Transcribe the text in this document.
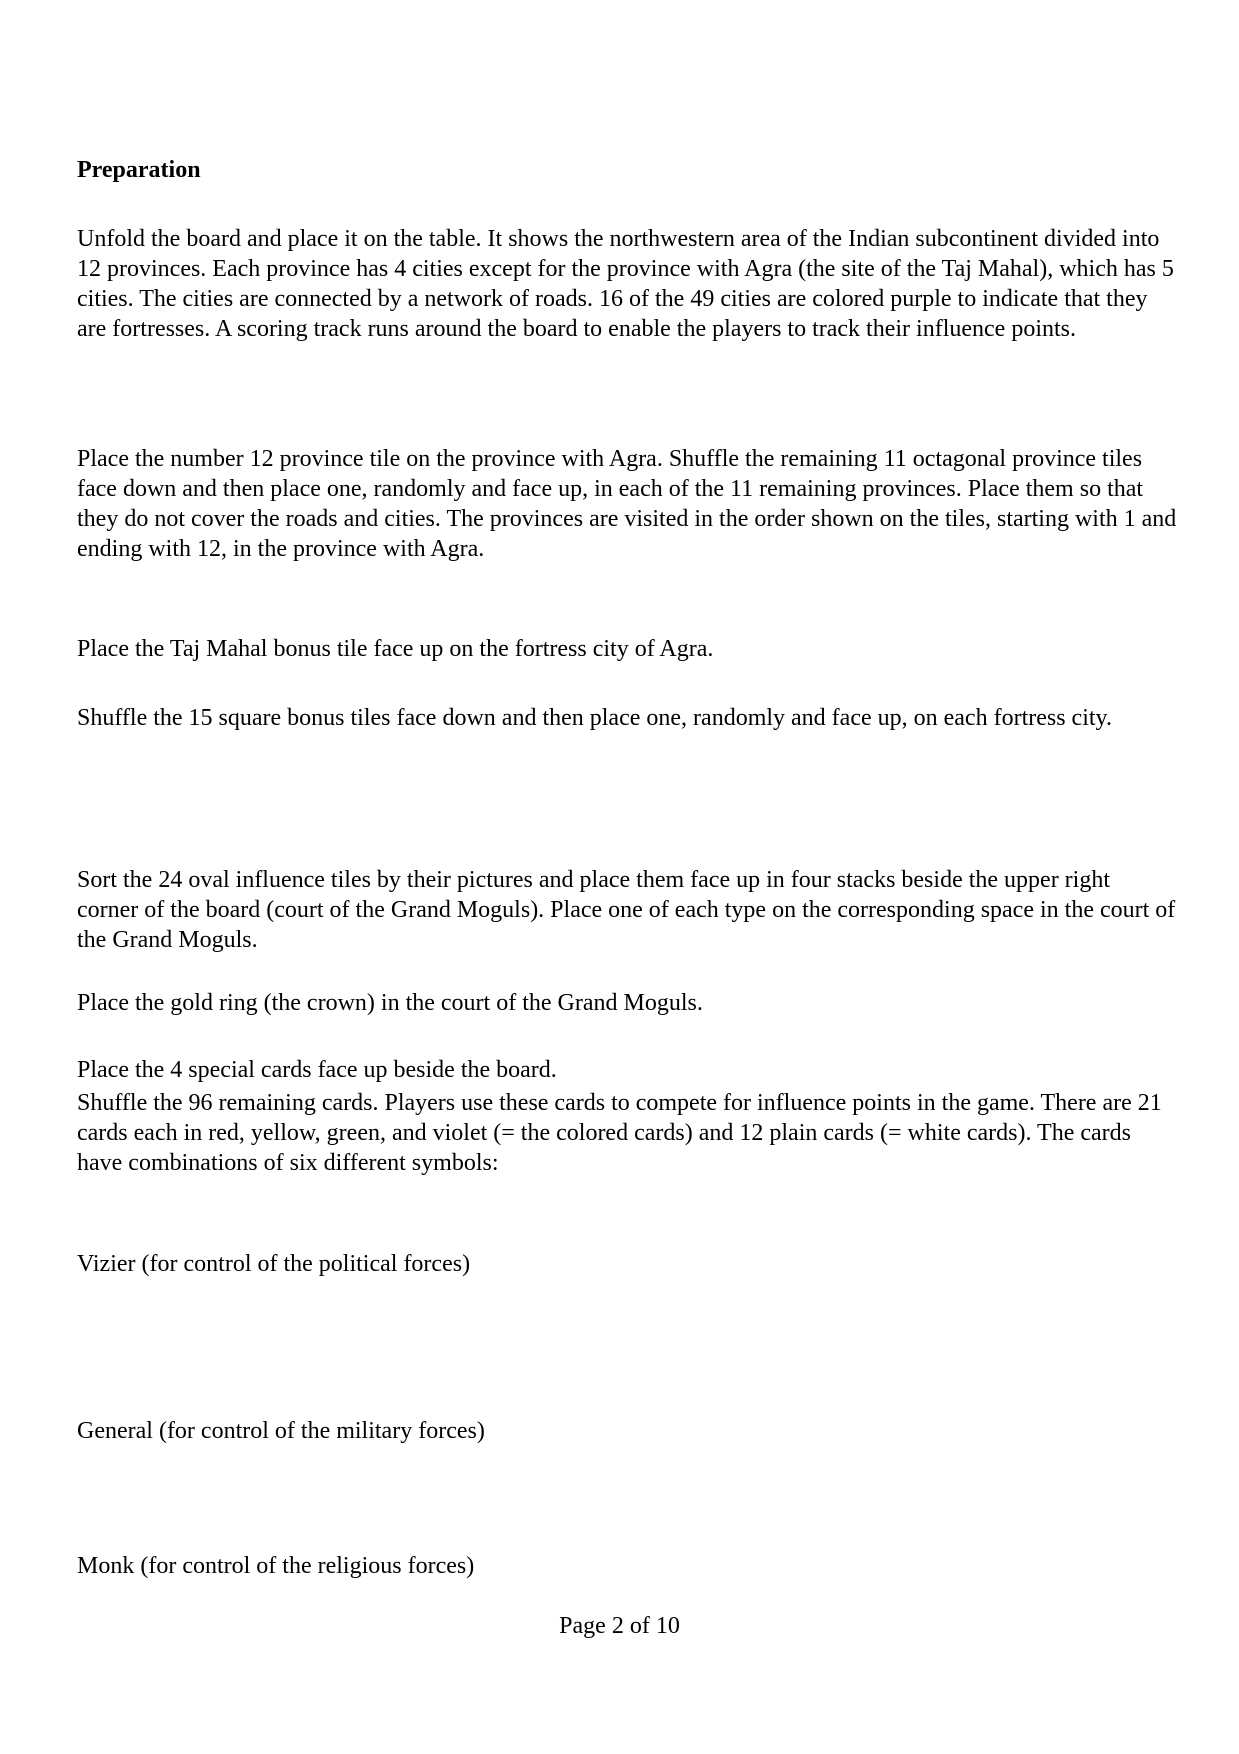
Preparation

Unfold the board and place it on the table. It shows the northwestern area of the Indian subcontinent divided into 12 provinces. Each province has 4 cities except for the province with Agra (the site of the Taj Mahal), which has 5 cities. The cities are connected by a network of roads. 16 of the 49 cities are colored purple to indicate that they are fortresses. A scoring track runs around the board to enable the players to track their influence points.

Place the number 12 province tile on the province with Agra. Shuffle the remaining 11 octagonal province tiles face down and then place one, randomly and face up, in each of the 11 remaining provinces. Place them so that they do not cover the roads and cities. The provinces are visited in the order shown on the tiles, starting with 1 and ending with 12, in the province with Agra.

Place the Taj Mahal bonus tile face up on the fortress city of Agra.

Shuffle the 15 square bonus tiles face down and then place one, randomly and face up, on each fortress city.

Sort the 24 oval influence tiles by their pictures and place them face up in four stacks beside the upper right corner of the board (court of the Grand Moguls). Place one of each type on the corresponding space in the court of the Grand Moguls.

Place the gold ring (the crown) in the court of the Grand Moguls.

Place the 4 special cards face up beside the board.

Shuffle the 96 remaining cards. Players use these cards to compete for influence points in the game. There are 21 cards each in red, yellow, green, and violet (= the colored cards) and 12 plain cards (= white cards). The cards have combinations of six different symbols:

Vizier (for control of the political forces)

General (for control of the military forces)

Monk (for control of the religious forces)

Page 2 of 10
